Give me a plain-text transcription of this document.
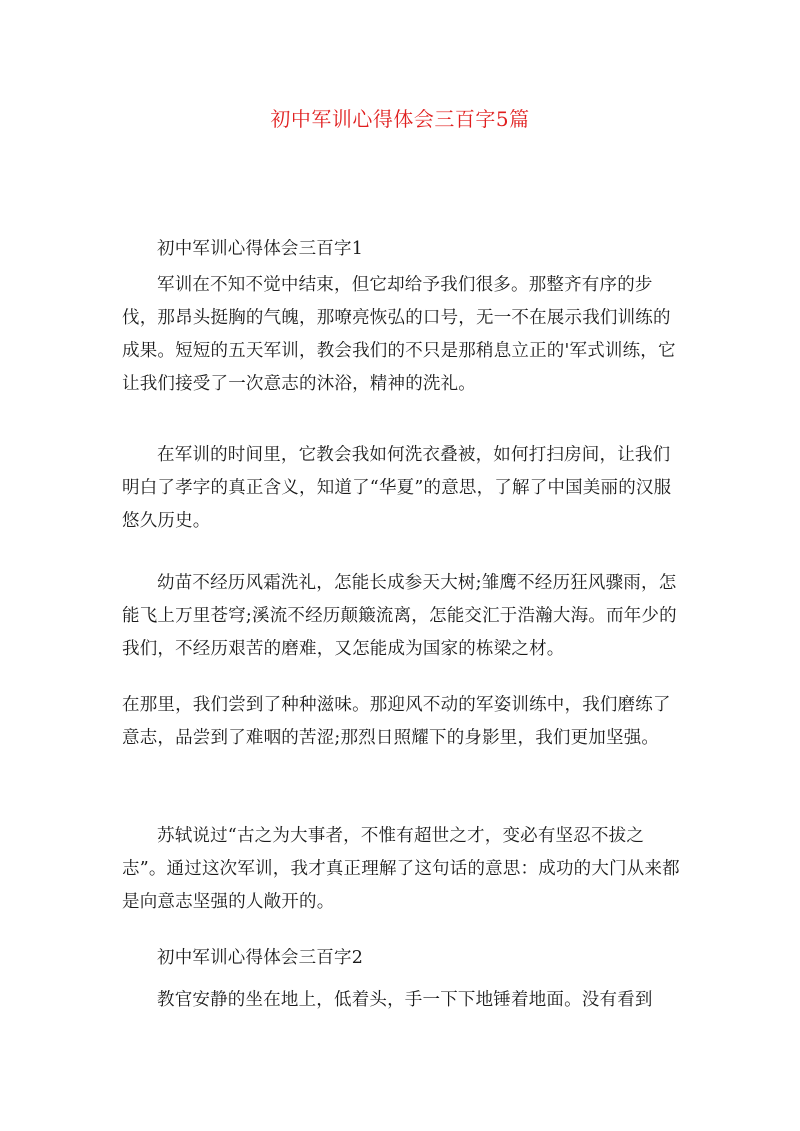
初中军训心得体会三百字5篇

初中军训心得体会三百字1

军训在不知不觉中结束，但它却给予我们很多。那整齐有序的步伐，那昂头挺胸的气魄，那嘹亮恢弘的口号，无一不在展示我们训练的成果。短短的五天军训，教会我们的不只是那稍息立正的'军式训练，它让我们接受了一次意志的沐浴，精神的洗礼。

在军训的时间里，它教会我如何洗衣叠被，如何打扫房间，让我们明白了孝字的真正含义，知道了“华夏”的意思，了解了中国美丽的汉服悠久历史。

幼苗不经历风霜洗礼，怎能长成参天大树;雏鹰不经历狂风骤雨，怎能飞上万里苍穹;溪流不经历颠簸流离，怎能交汇于浩瀚大海。而年少的我们，不经历艰苦的磨难，又怎能成为国家的栋梁之材。

在那里，我们尝到了种种滋味。那迎风不动的军姿训练中，我们磨练了意志，品尝到了难咽的苦涩;那烈日照耀下的身影里，我们更加坚强。

苏轼说过“古之为大事者，不惟有超世之才，变必有坚忍不拔之志”。通过这次军训，我才真正理解了这句话的意思：成功的大门从来都是向意志坚强的人敞开的。

初中军训心得体会三百字2

教官安静的坐在地上，低着头，手一下下地锤着地面。没有看到
